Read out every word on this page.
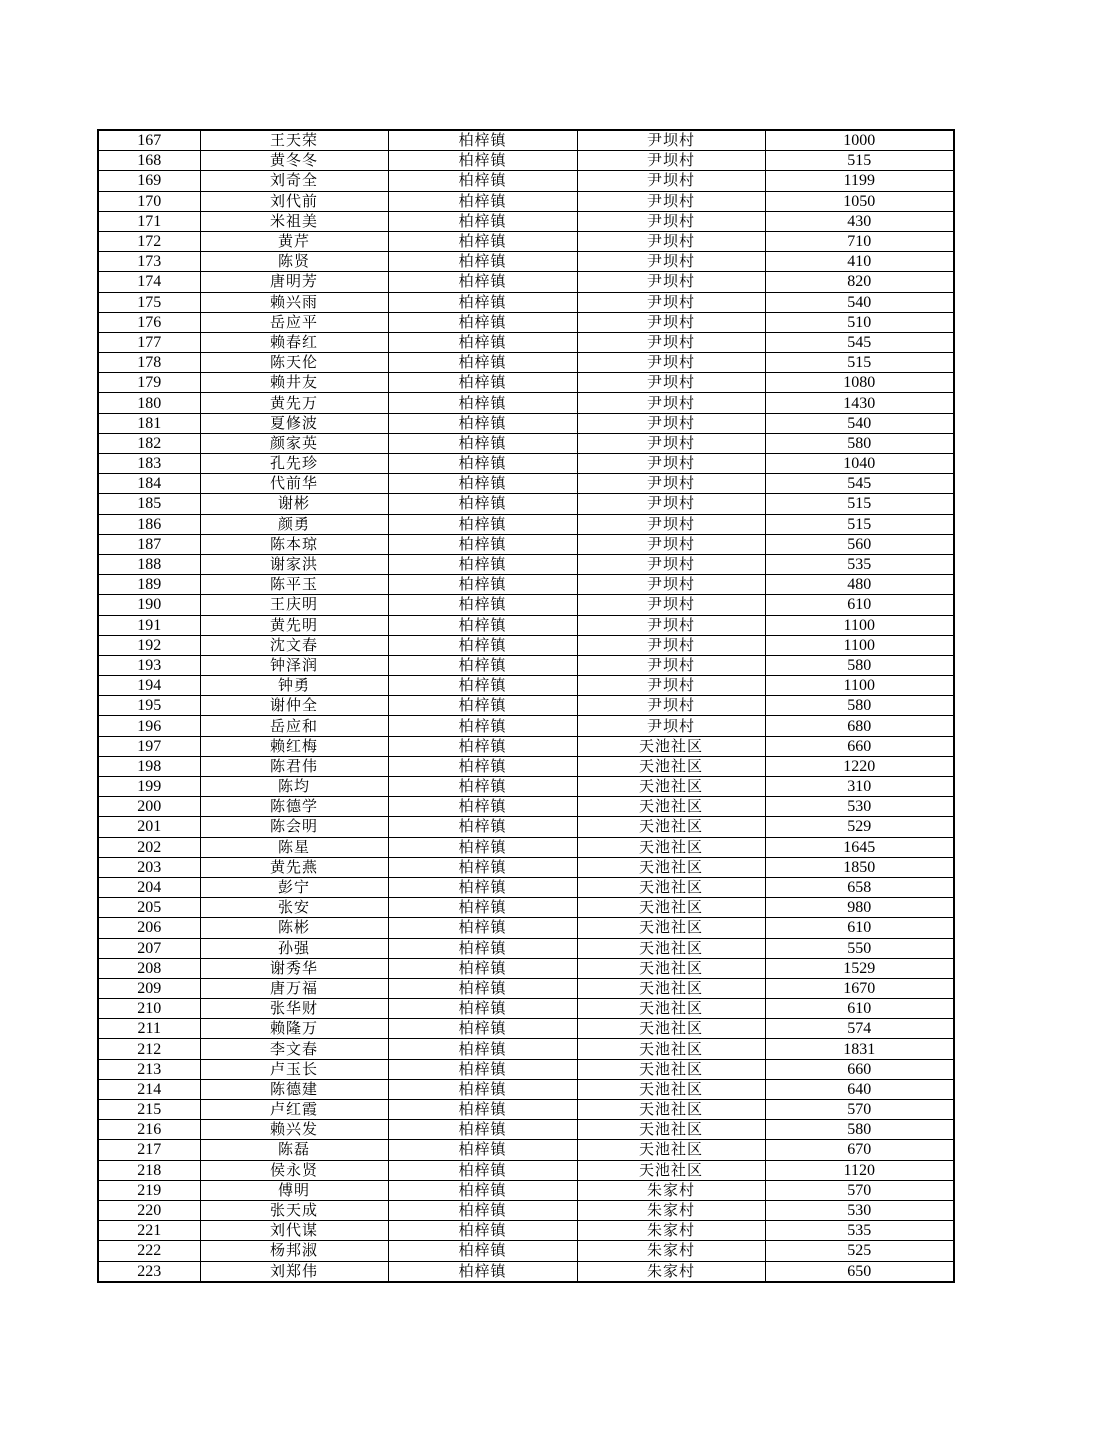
167	王天荣	柏梓镇	尹坝村	1000
168	黄冬冬	柏梓镇	尹坝村	515
169	刘奇全	柏梓镇	尹坝村	1199
170	刘代前	柏梓镇	尹坝村	1050
171	米祖美	柏梓镇	尹坝村	430
172	黄芹	柏梓镇	尹坝村	710
173	陈贤	柏梓镇	尹坝村	410
174	唐明芳	柏梓镇	尹坝村	820
175	赖兴雨	柏梓镇	尹坝村	540
176	岳应平	柏梓镇	尹坝村	510
177	赖春红	柏梓镇	尹坝村	545
178	陈天伦	柏梓镇	尹坝村	515
179	赖井友	柏梓镇	尹坝村	1080
180	黄先万	柏梓镇	尹坝村	1430
181	夏修波	柏梓镇	尹坝村	540
182	颜家英	柏梓镇	尹坝村	580
183	孔先珍	柏梓镇	尹坝村	1040
184	代前华	柏梓镇	尹坝村	545
185	谢彬	柏梓镇	尹坝村	515
186	颜勇	柏梓镇	尹坝村	515
187	陈本琼	柏梓镇	尹坝村	560
188	谢家洪	柏梓镇	尹坝村	535
189	陈平玉	柏梓镇	尹坝村	480
190	王庆明	柏梓镇	尹坝村	610
191	黄先明	柏梓镇	尹坝村	1100
192	沈文春	柏梓镇	尹坝村	1100
193	钟泽润	柏梓镇	尹坝村	580
194	钟勇	柏梓镇	尹坝村	1100
195	谢仲全	柏梓镇	尹坝村	580
196	岳应和	柏梓镇	尹坝村	680
197	赖红梅	柏梓镇	天池社区	660
198	陈君伟	柏梓镇	天池社区	1220
199	陈均	柏梓镇	天池社区	310
200	陈德学	柏梓镇	天池社区	530
201	陈会明	柏梓镇	天池社区	529
202	陈星	柏梓镇	天池社区	1645
203	黄先燕	柏梓镇	天池社区	1850
204	彭宁	柏梓镇	天池社区	658
205	张安	柏梓镇	天池社区	980
206	陈彬	柏梓镇	天池社区	610
207	孙强	柏梓镇	天池社区	550
208	谢秀华	柏梓镇	天池社区	1529
209	唐万福	柏梓镇	天池社区	1670
210	张华财	柏梓镇	天池社区	610
211	赖隆万	柏梓镇	天池社区	574
212	李文春	柏梓镇	天池社区	1831
213	卢玉长	柏梓镇	天池社区	660
214	陈德建	柏梓镇	天池社区	640
215	卢红霞	柏梓镇	天池社区	570
216	赖兴发	柏梓镇	天池社区	580
217	陈磊	柏梓镇	天池社区	670
218	侯永贤	柏梓镇	天池社区	1120
219	傅明	柏梓镇	朱家村	570
220	张天成	柏梓镇	朱家村	530
221	刘代谋	柏梓镇	朱家村	535
222	杨邦淑	柏梓镇	朱家村	525
223	刘郑伟	柏梓镇	朱家村	650
